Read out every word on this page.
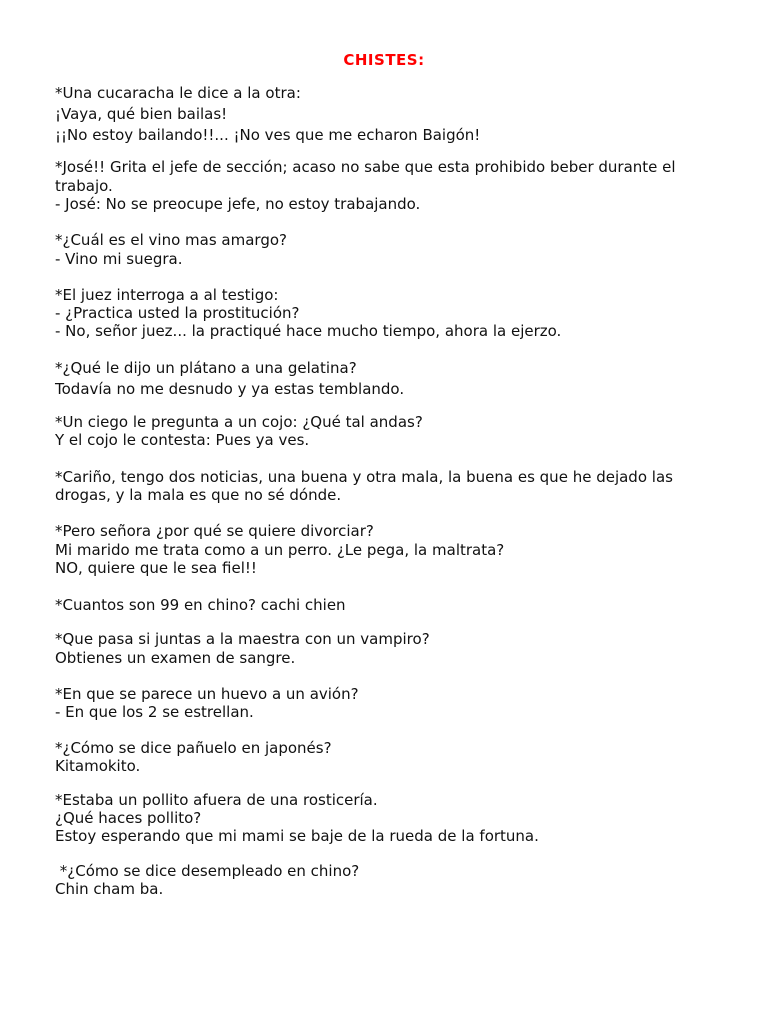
CHISTES:
*Una cucaracha le dice a la otra:
¡Vaya, qué bien bailas!
¡¡No estoy bailando!!... ¡No ves que me echaron Baigón!
*José!! Grita el jefe de sección; acaso no sabe que esta prohibido beber durante el
trabajo.
- José: No se preocupe jefe, no estoy trabajando.
*¿Cuál es el vino mas amargo?
- Vino mi suegra.
*El juez interroga a al testigo:
- ¿Practica usted la prostitución?
- No, señor juez... la practiqué hace mucho tiempo, ahora la ejerzo.
*¿Qué le dijo un plátano a una gelatina?
Todavía no me desnudo y ya estas temblando.
*Un ciego le pregunta a un cojo: ¿Qué tal andas?
Y el cojo le contesta: Pues ya ves.
*Cariño, tengo dos noticias, una buena y otra mala, la buena es que he dejado las
drogas, y la mala es que no sé dónde.
*Pero señora ¿por qué se quiere divorciar?
Mi marido me trata como a un perro. ¿Le pega, la maltrata?
NO, quiere que le sea fiel!!
*Cuantos son 99 en chino? cachi chien
*Que pasa si juntas a la maestra con un vampiro?
Obtienes un examen de sangre.
*En que se parece un huevo a un avión?
- En que los 2 se estrellan.
*¿Cómo se dice pañuelo en japonés?
Kitamokito.
*Estaba un pollito afuera de una rosticería.
¿Qué haces pollito?
Estoy esperando que mi mami se baje de la rueda de la fortuna.
*¿Cómo se dice desempleado en chino?
Chin cham ba.
